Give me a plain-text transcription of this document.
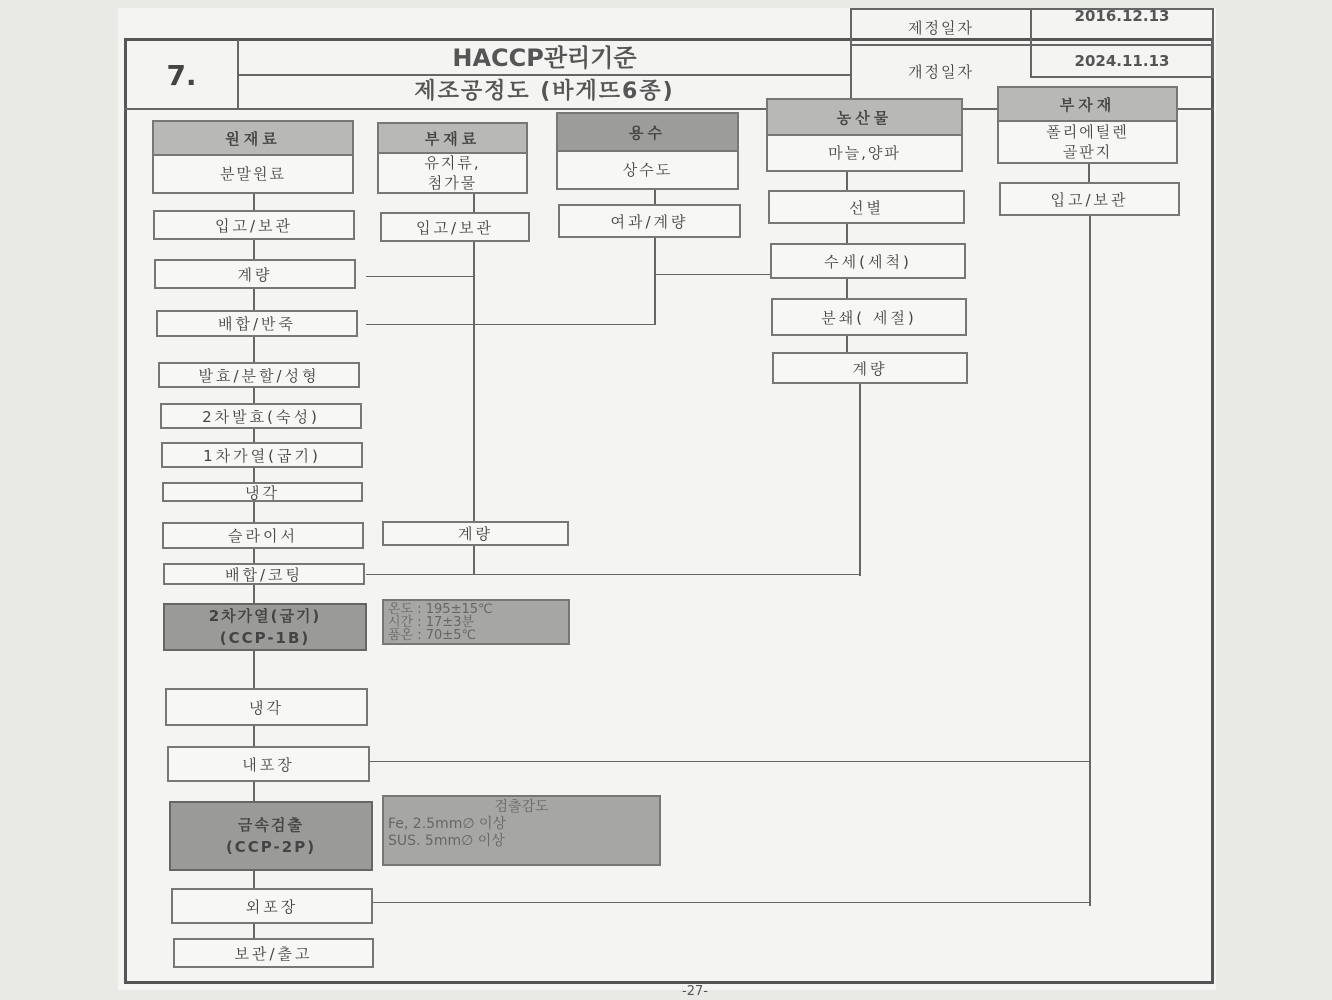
7.
HACCP관리기준
제조공정도 (바게뜨6종)
제정일자
2016.12.13
개정일자
2024.11.13
원재료
분말원료
입고/보관
계량
배합/반죽
발효/분할/성형
2차발효(숙성)
1차가열(굽기)
냉각
슬라이서
배합/코팅
2차가열(굽기)
(CCP-1B)
온도 : 195±15℃
시간 : 17±3분
품온 : 70±5℃
냉각
내포장
금속검출
(CCP-2P)
검출감도
Fe, 2.5mm∅ 이상
SUS. 5mm∅ 이상
외포장
보관/출고
부재료
유지류,
첨가물
입고/보관
계량
용수
상수도
여과/계량
농산물
마늘,양파
선별
수세(세척)
분쇄( 세절)
계량
부자재
폴리에틸렌
골판지
입고/보관
-27-
